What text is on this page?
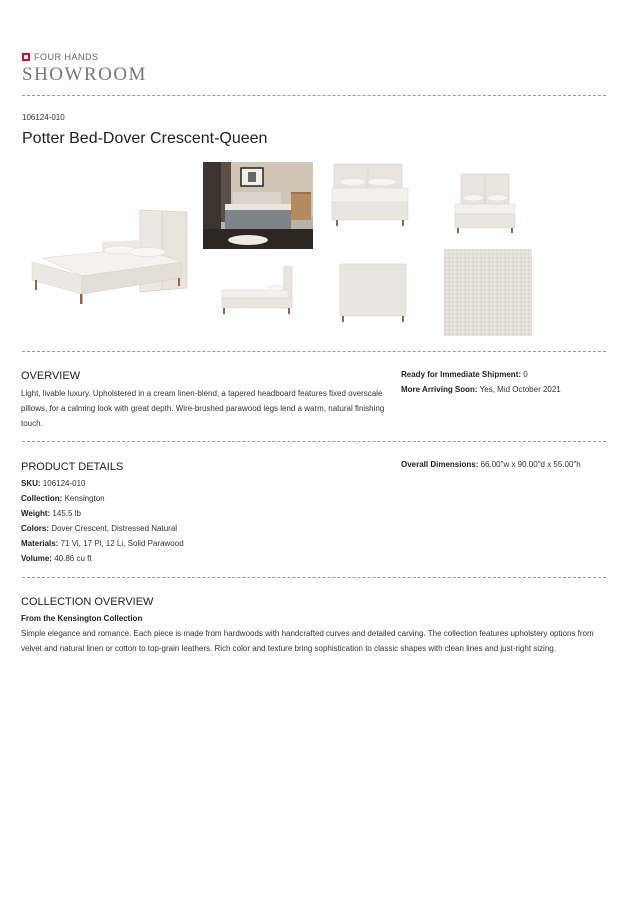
FOUR HANDS
SHOWROOM
106124-010
Potter Bed-Dover Crescent-Queen
OVERVIEW
Light, livable luxury. Upholstered in a cream linen-blend, a tapered headboard features fixed overscale pillows, for a calming look with great depth. Wire-brushed parawood legs lend a warm, natural finishing touch.
Ready for Immediate Shipment: 0
More Arriving Soon: Yes, Mid October 2021
PRODUCT DETAILS
SKU: 106124-010
Collection: Kensington
Weight: 145.5 lb
Colors: Dover Crescent, Distressed Natural
Materials: 71 Vi, 17 Pl, 12 Li, Solid Parawood
Volume: 40.86 cu ft
Overall Dimensions: 66.00"w x 90.00"d x 55.00"h
COLLECTION OVERVIEW
From the Kensington Collection
Simple elegance and romance. Each piece is made from hardwoods with handcrafted curves and detailed carving. The collection features upholstery options from velvet and natural linen or cotton to top-grain leathers. Rich color and texture bring sophistication to classic shapes with clean lines and just-right sizing.
